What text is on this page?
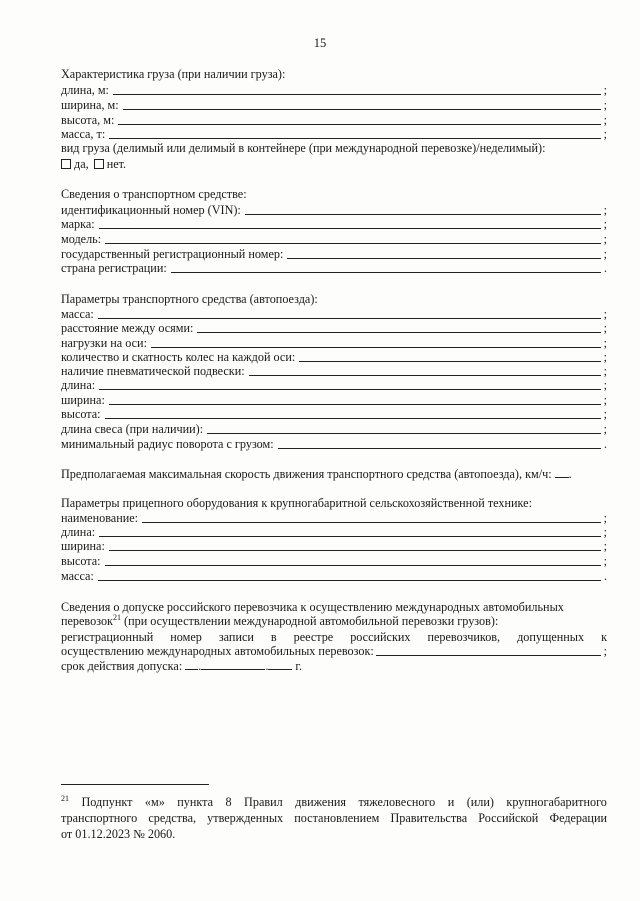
15
Характеристика груза (при наличии груза):
длина, м:	;
ширина, м:	;
высота, м:	;
масса, т:	;
вид груза (делимый или делимый в контейнере (при международной перевозке)/неделимый):
да, нет.
Сведения о транспортном средстве:
идентификационный номер (VIN):	;
марка:	;
модель:	;
государственный регистрационный номер:	;
страна регистрации:	.
Параметры транспортного средства (автопоезда):
масса:	;
расстояние между осями:	;
нагрузки на оси:	;
количество и скатность колес на каждой оси:	;
наличие пневматической подвески:	;
длина:	;
ширина:	;
высота:	;
длина свеса (при наличии):	;
минимальный радиус поворота с грузом:	.
Предполагаемая максимальная скорость движения транспортного средства (автопоезда), км/ч: .
Параметры прицепного оборудования к крупногабаритной сельскохозяйственной технике:
наименование:	;
длина:	;
ширина:	;
высота:	;
масса:	.
Сведения о допуске российского перевозчика к осуществлению международных автомобильных
перевозок$^{21}$ (при осуществлении международной автомобильной перевозки грузов):
регистрационный номер записи в реестре российских перевозчиков, допущенных к
осуществлению международных автомобильных перевозок:	;
срок действия допуска: .	. г.
$^{21}$ Подпункт «м» пункта 8 Правил движения тяжеловесного и (или) крупногабаритного
транспортного средства, утвержденных постановлением Правительства Российской Федерации
от 01.12.2023 № 2060.
